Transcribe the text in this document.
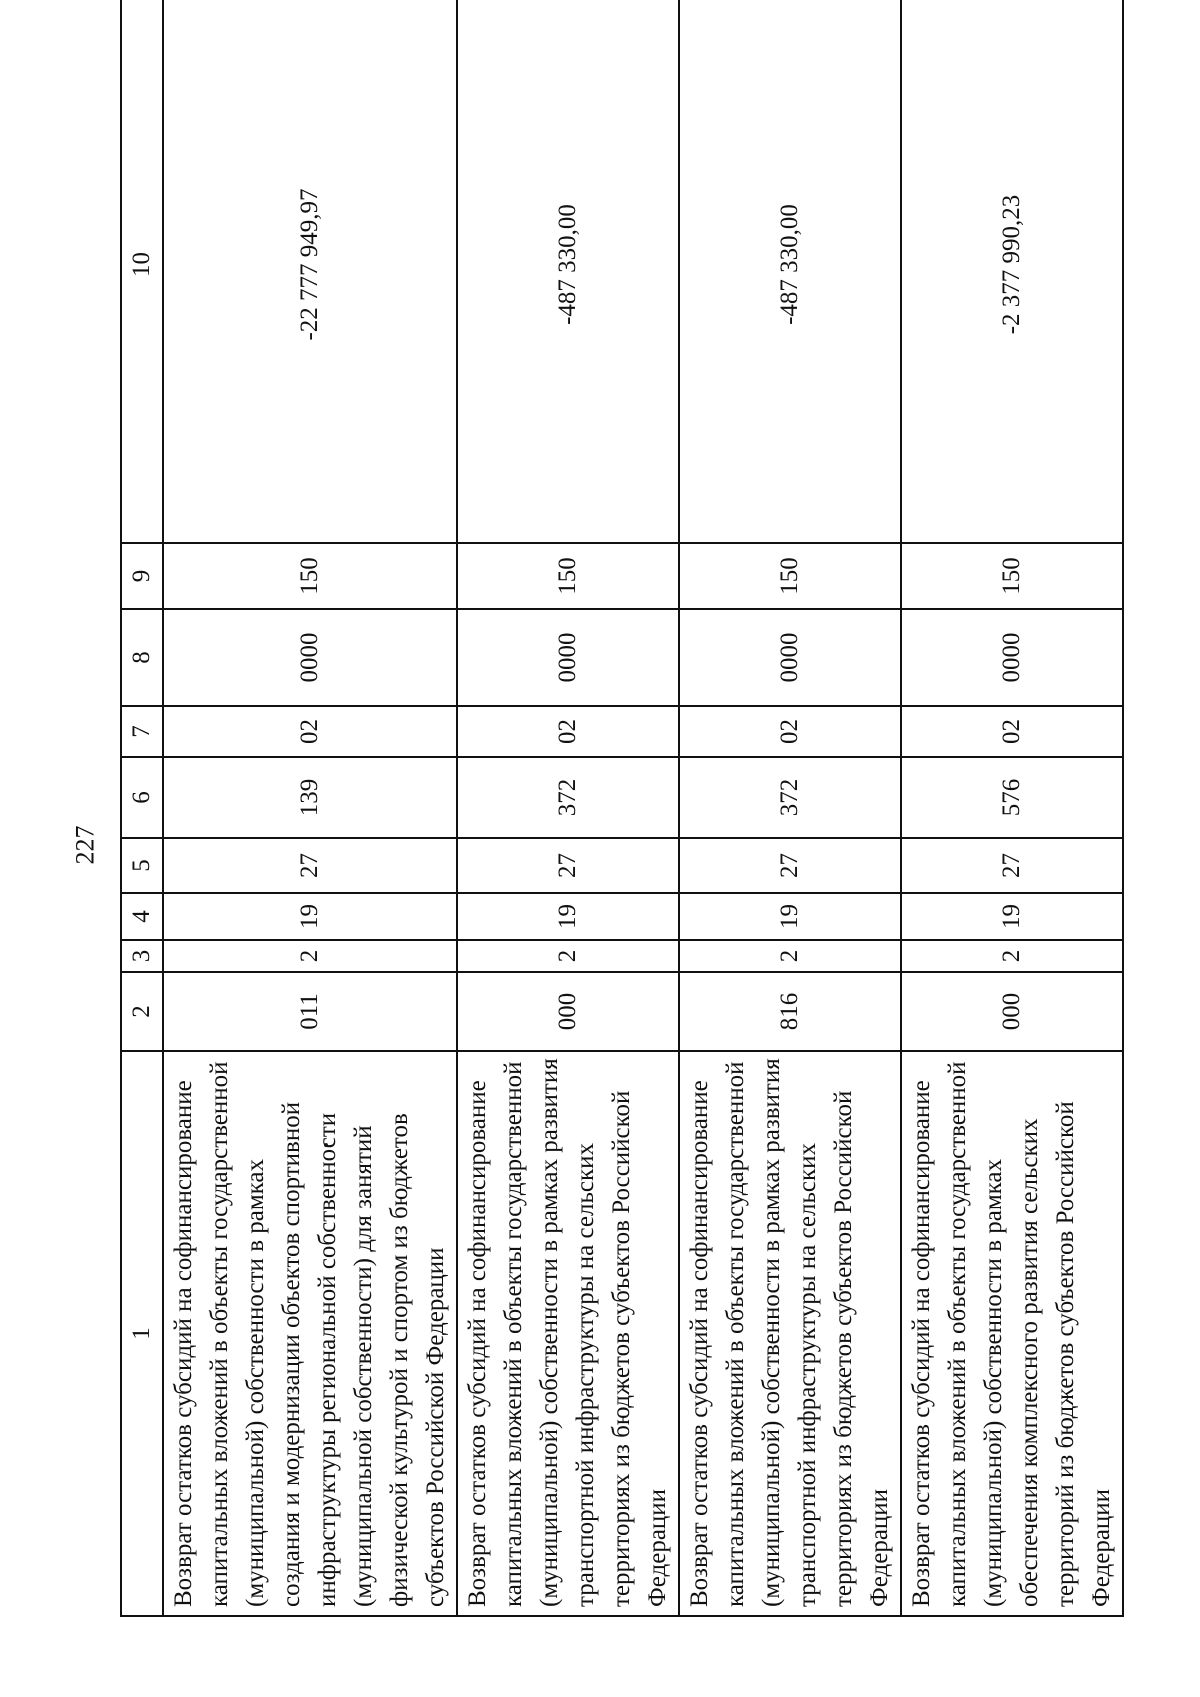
227
1	2	3	4	5	6	7	8	9	10
Возврат остатков субсидий на софинансирование капитальных вложений в объекты государственной (муниципальной) собственности в рамках создания и модернизации объектов спортивной инфраструктуры региональной собственности (муниципальной собственности) для занятий физической культурой и спортом из бюджетов субъектов Российской Федерации	011	2	19	27	139	02	0000	150	-22 777 949,97
Возврат остатков субсидий на софинансирование капитальных вложений в объекты государственной (муниципальной) собственности в рамках развития транспортной инфраструктуры на сельских территориях из бюджетов субъектов Российской Федерации	000	2	19	27	372	02	0000	150	-487 330,00
Возврат остатков субсидий на софинансирование капитальных вложений в объекты государственной (муниципальной) собственности в рамках развития транспортной инфраструктуры на сельских территориях из бюджетов субъектов Российской Федерации	816	2	19	27	372	02	0000	150	-487 330,00
Возврат остатков субсидий на софинансирование капитальных вложений в объекты государственной (муниципальной) собственности в рамках обеспечения комплексного развития сельских территорий из бюджетов субъектов Российской Федерации	000	2	19	27	576	02	0000	150	-2 377 990,23
